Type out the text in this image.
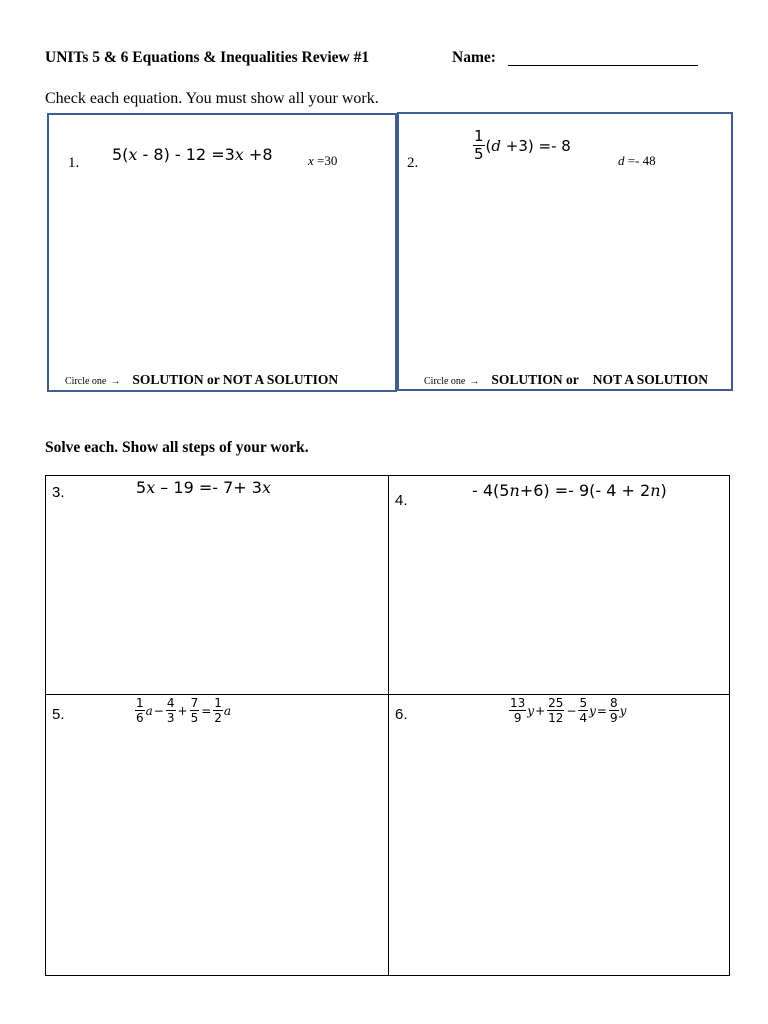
UNITs 5 & 6 Equations & Inequalities Review #1	Name:
Check each equation. You must show all your work.
1. 5(x - 8) - 12 =3x +8	x =30
Circle one → SOLUTION or NOT A SOLUTION
2.
$\frac{1}{5}$ ( d +3) =- 8
d =- 48
Circle one → SOLUTION or NOT A SOLUTION
Solve each. Show all steps of your work.
3.	5x – 19 =- 7+ 3x
4.
- 4(5n+6) =- 9(- 4 + 2n)
5.	$\frac{1}{6}$ $a - \frac{4}{3} + \frac{7}{5} = \frac{1}{2}$ a	6.	$\frac{13}{9}$ $y + \frac{25}{12} - \frac{5}{4}$ $y = \frac{8}{9}$ y
